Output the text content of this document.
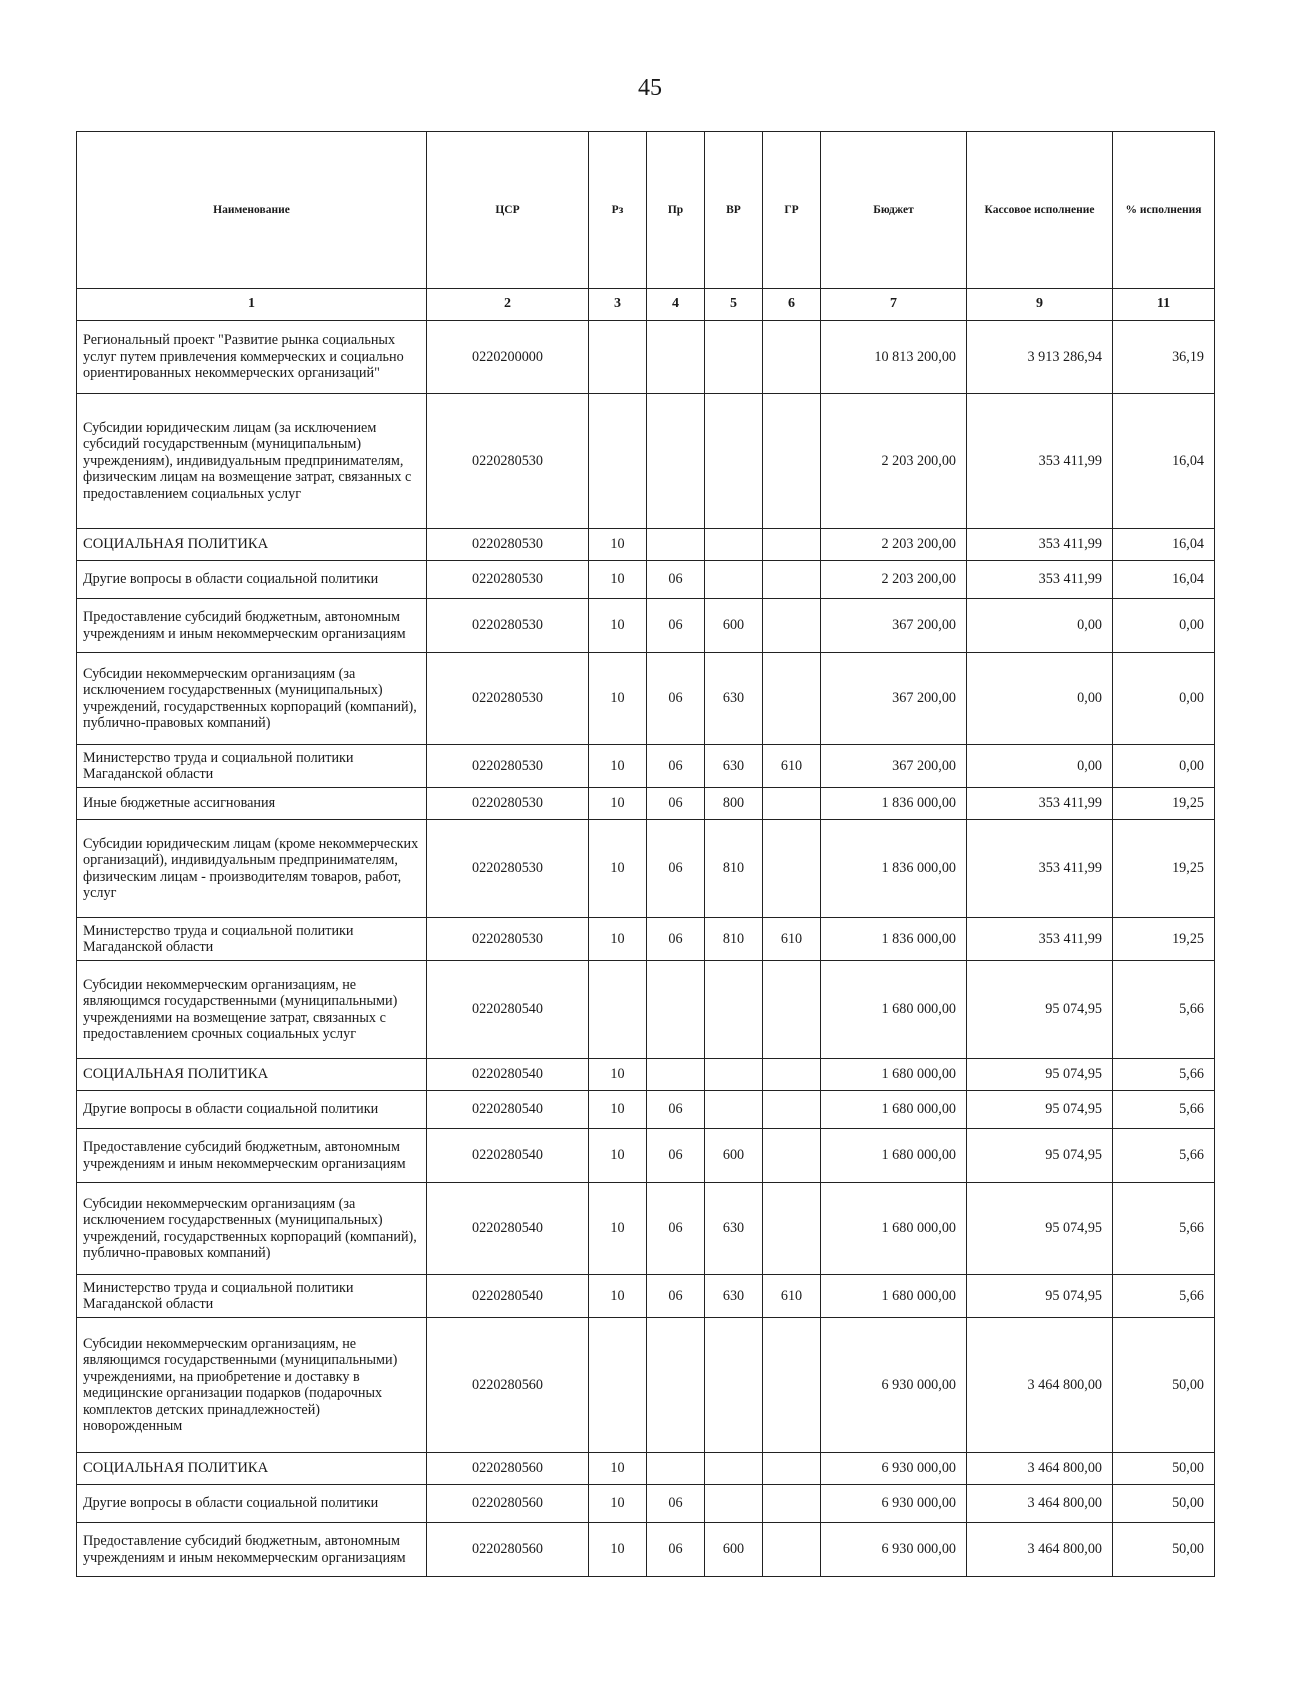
45
Наименование	ЦСР	Рз	Пр	ВР	ГР	Бюджет	Кассовое исполнение	% исполнения
1	2	3	4	5	6	7	9	11
Региональный проект "Развитие рынка социальных услуг путем привлечения коммерческих и социально ориентированных некоммерческих организаций"	0220200000					10 813 200,00	3 913 286,94	36,19
Субсидии юридическим лицам (за исключением субсидий государственным (муниципальным) учреждениям), индивидуальным предпринимателям, физическим лицам на возмещение затрат, связанных с предоставлением социальных услуг	0220280530					2 203 200,00	353 411,99	16,04
СОЦИАЛЬНАЯ ПОЛИТИКА	0220280530	10				2 203 200,00	353 411,99	16,04
Другие вопросы в области социальной политики	0220280530	10	06			2 203 200,00	353 411,99	16,04
Предоставление субсидий бюджетным, автономным учреждениям и иным некоммерческим организациям	0220280530	10	06	600		367 200,00	0,00	0,00
Субсидии некоммерческим организациям (за исключением государственных (муниципальных) учреждений, государственных корпораций (компаний), публично-правовых компаний)	0220280530	10	06	630		367 200,00	0,00	0,00
Министерство труда и социальной политики Магаданской области	0220280530	10	06	630	610	367 200,00	0,00	0,00
Иные бюджетные ассигнования	0220280530	10	06	800		1 836 000,00	353 411,99	19,25
Субсидии юридическим лицам (кроме некоммерческих организаций), индивидуальным предпринимателям, физическим лицам - производителям товаров, работ, услуг	0220280530	10	06	810		1 836 000,00	353 411,99	19,25
Министерство труда и социальной политики Магаданской области	0220280530	10	06	810	610	1 836 000,00	353 411,99	19,25
Субсидии некоммерческим организациям, не являющимся государственными (муниципальными) учреждениями на возмещение затрат, связанных с предоставлением срочных социальных услуг	0220280540					1 680 000,00	95 074,95	5,66
СОЦИАЛЬНАЯ ПОЛИТИКА	0220280540	10				1 680 000,00	95 074,95	5,66
Другие вопросы в области социальной политики	0220280540	10	06			1 680 000,00	95 074,95	5,66
Предоставление субсидий бюджетным, автономным учреждениям и иным некоммерческим организациям	0220280540	10	06	600		1 680 000,00	95 074,95	5,66
Субсидии некоммерческим организациям (за исключением государственных (муниципальных) учреждений, государственных корпораций (компаний), публично-правовых компаний)	0220280540	10	06	630		1 680 000,00	95 074,95	5,66
Министерство труда и социальной политики Магаданской области	0220280540	10	06	630	610	1 680 000,00	95 074,95	5,66
Субсидии некоммерческим организациям, не являющимся государственными (муниципальными) учреждениями, на приобретение и доставку в медицинские организации подарков (подарочных комплектов детских принадлежностей) новорожденным	0220280560					6 930 000,00	3 464 800,00	50,00
СОЦИАЛЬНАЯ ПОЛИТИКА	0220280560	10				6 930 000,00	3 464 800,00	50,00
Другие вопросы в области социальной политики	0220280560	10	06			6 930 000,00	3 464 800,00	50,00
Предоставление субсидий бюджетным, автономным учреждениям и иным некоммерческим организациям	0220280560	10	06	600		6 930 000,00	3 464 800,00	50,00
